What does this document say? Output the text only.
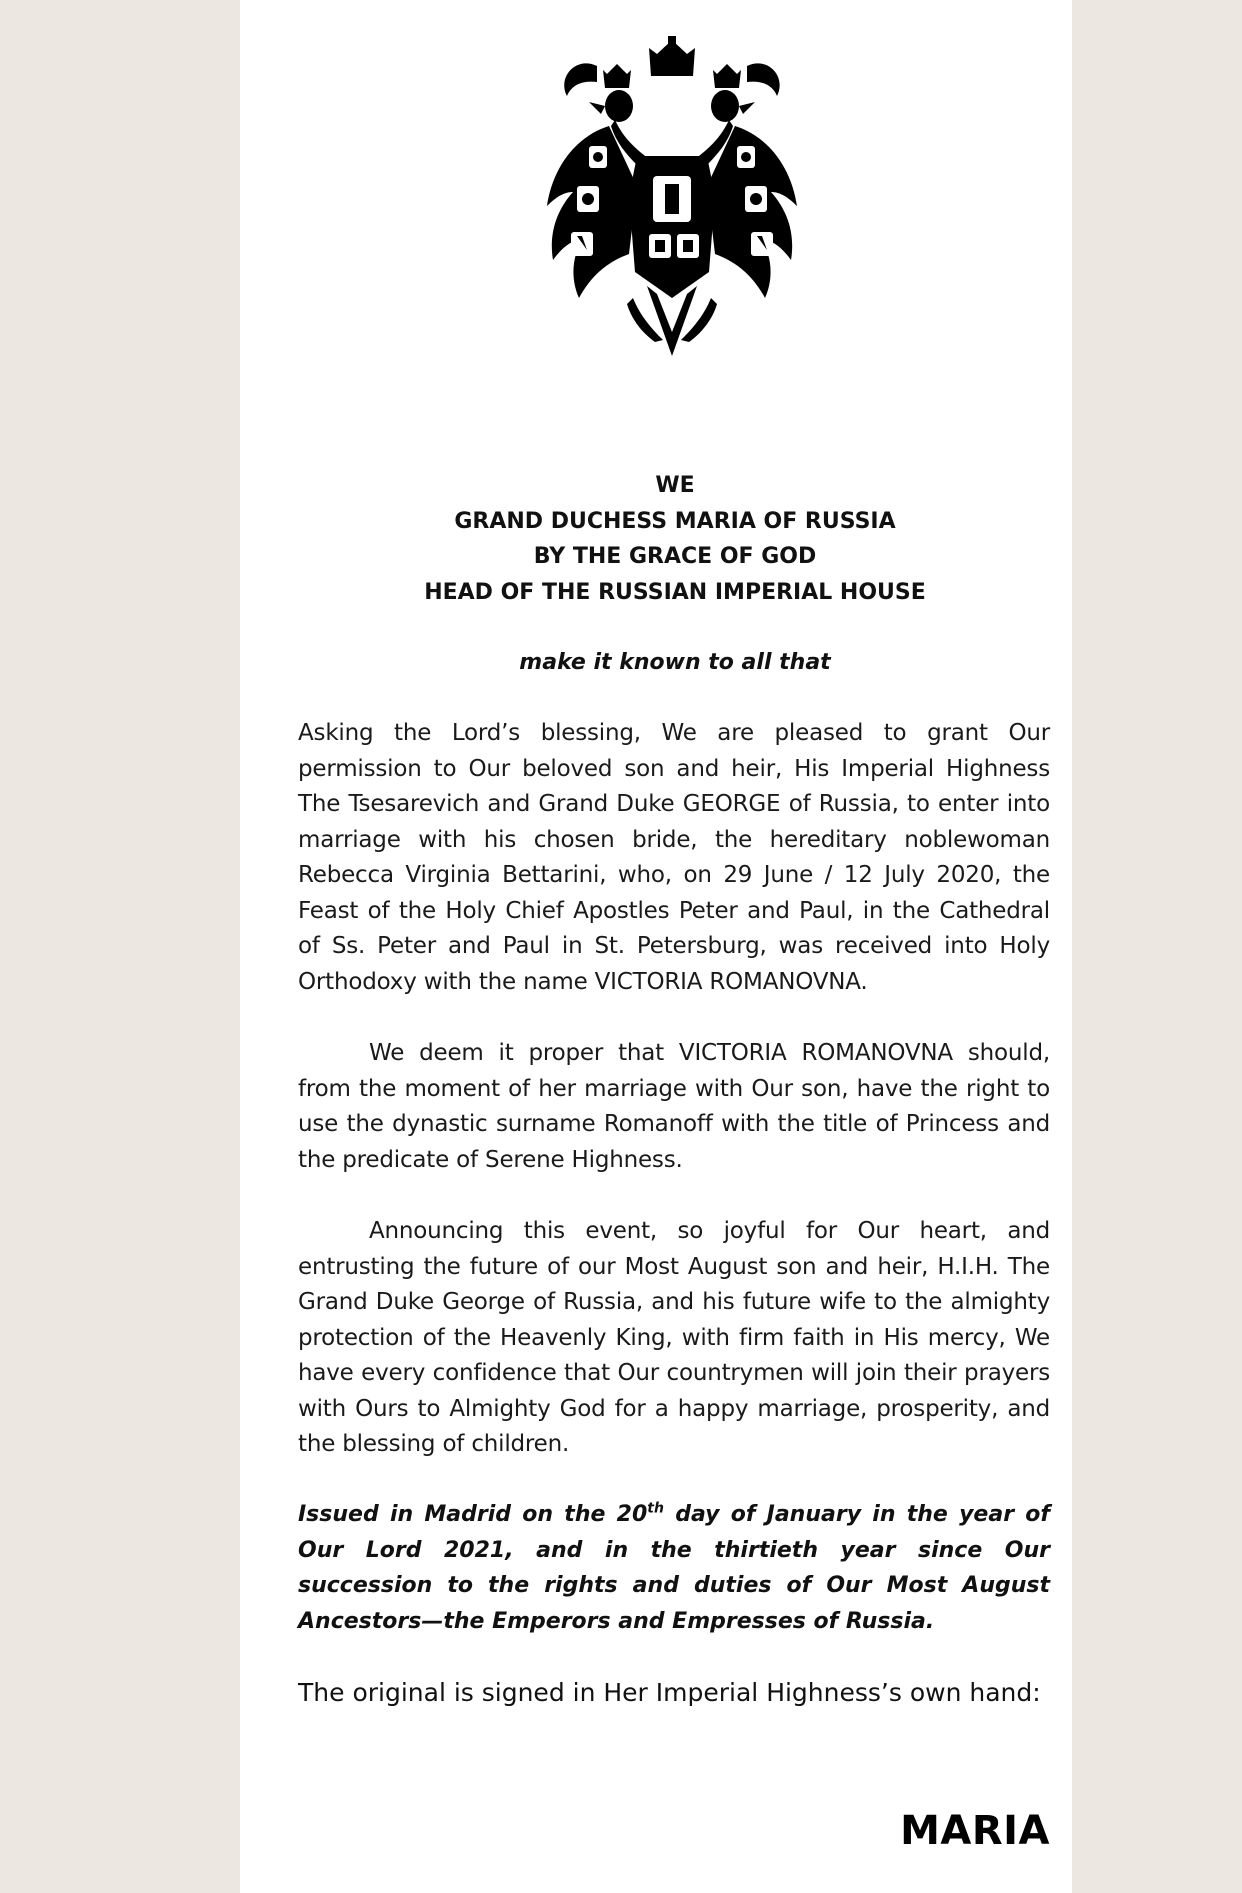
WE
GRAND DUCHESS MARIA OF RUSSIA
BY THE GRACE OF GOD
HEAD OF THE RUSSIAN IMPERIAL HOUSE
make it known to all that

Asking the Lord’s blessing, We are pleased to grant Our permission to Our beloved son and heir, His Imperial Highness The Tsesarevich and Grand Duke GEORGE of Russia, to enter into marriage with his chosen bride, the hereditary noblewoman Rebecca Virginia Bettarini, who, on 29 June / 12 July 2020, the Feast of the Holy Chief Apostles Peter and Paul, in the Cathedral of Ss. Peter and Paul in St. Petersburg, was received into Holy Orthodoxy with the name VICTORIA ROMANOVNA.

We deem it proper that VICTORIA ROMANOVNA should, from the moment of her marriage with Our son, have the right to use the dynastic surname Romanoff with the title of Princess and the predicate of Serene Highness.

Announcing this event, so joyful for Our heart, and entrusting the future of our Most August son and heir, H.I.H. The Grand Duke George of Russia, and his future wife to the almighty protection of the Heavenly King, with firm faith in His mercy, We have every confidence that Our countrymen will join their prayers with Ours to Almighty God for a happy marriage, prosperity, and the blessing of children.

Issued in Madrid on the 20th day of January in the year of Our Lord 2021, and in the thirtieth year since Our succession to the rights and duties of Our Most August Ancestors—the Emperors and Empresses of Russia.

The original is signed in Her Imperial Highness’s own hand:
MARIA
